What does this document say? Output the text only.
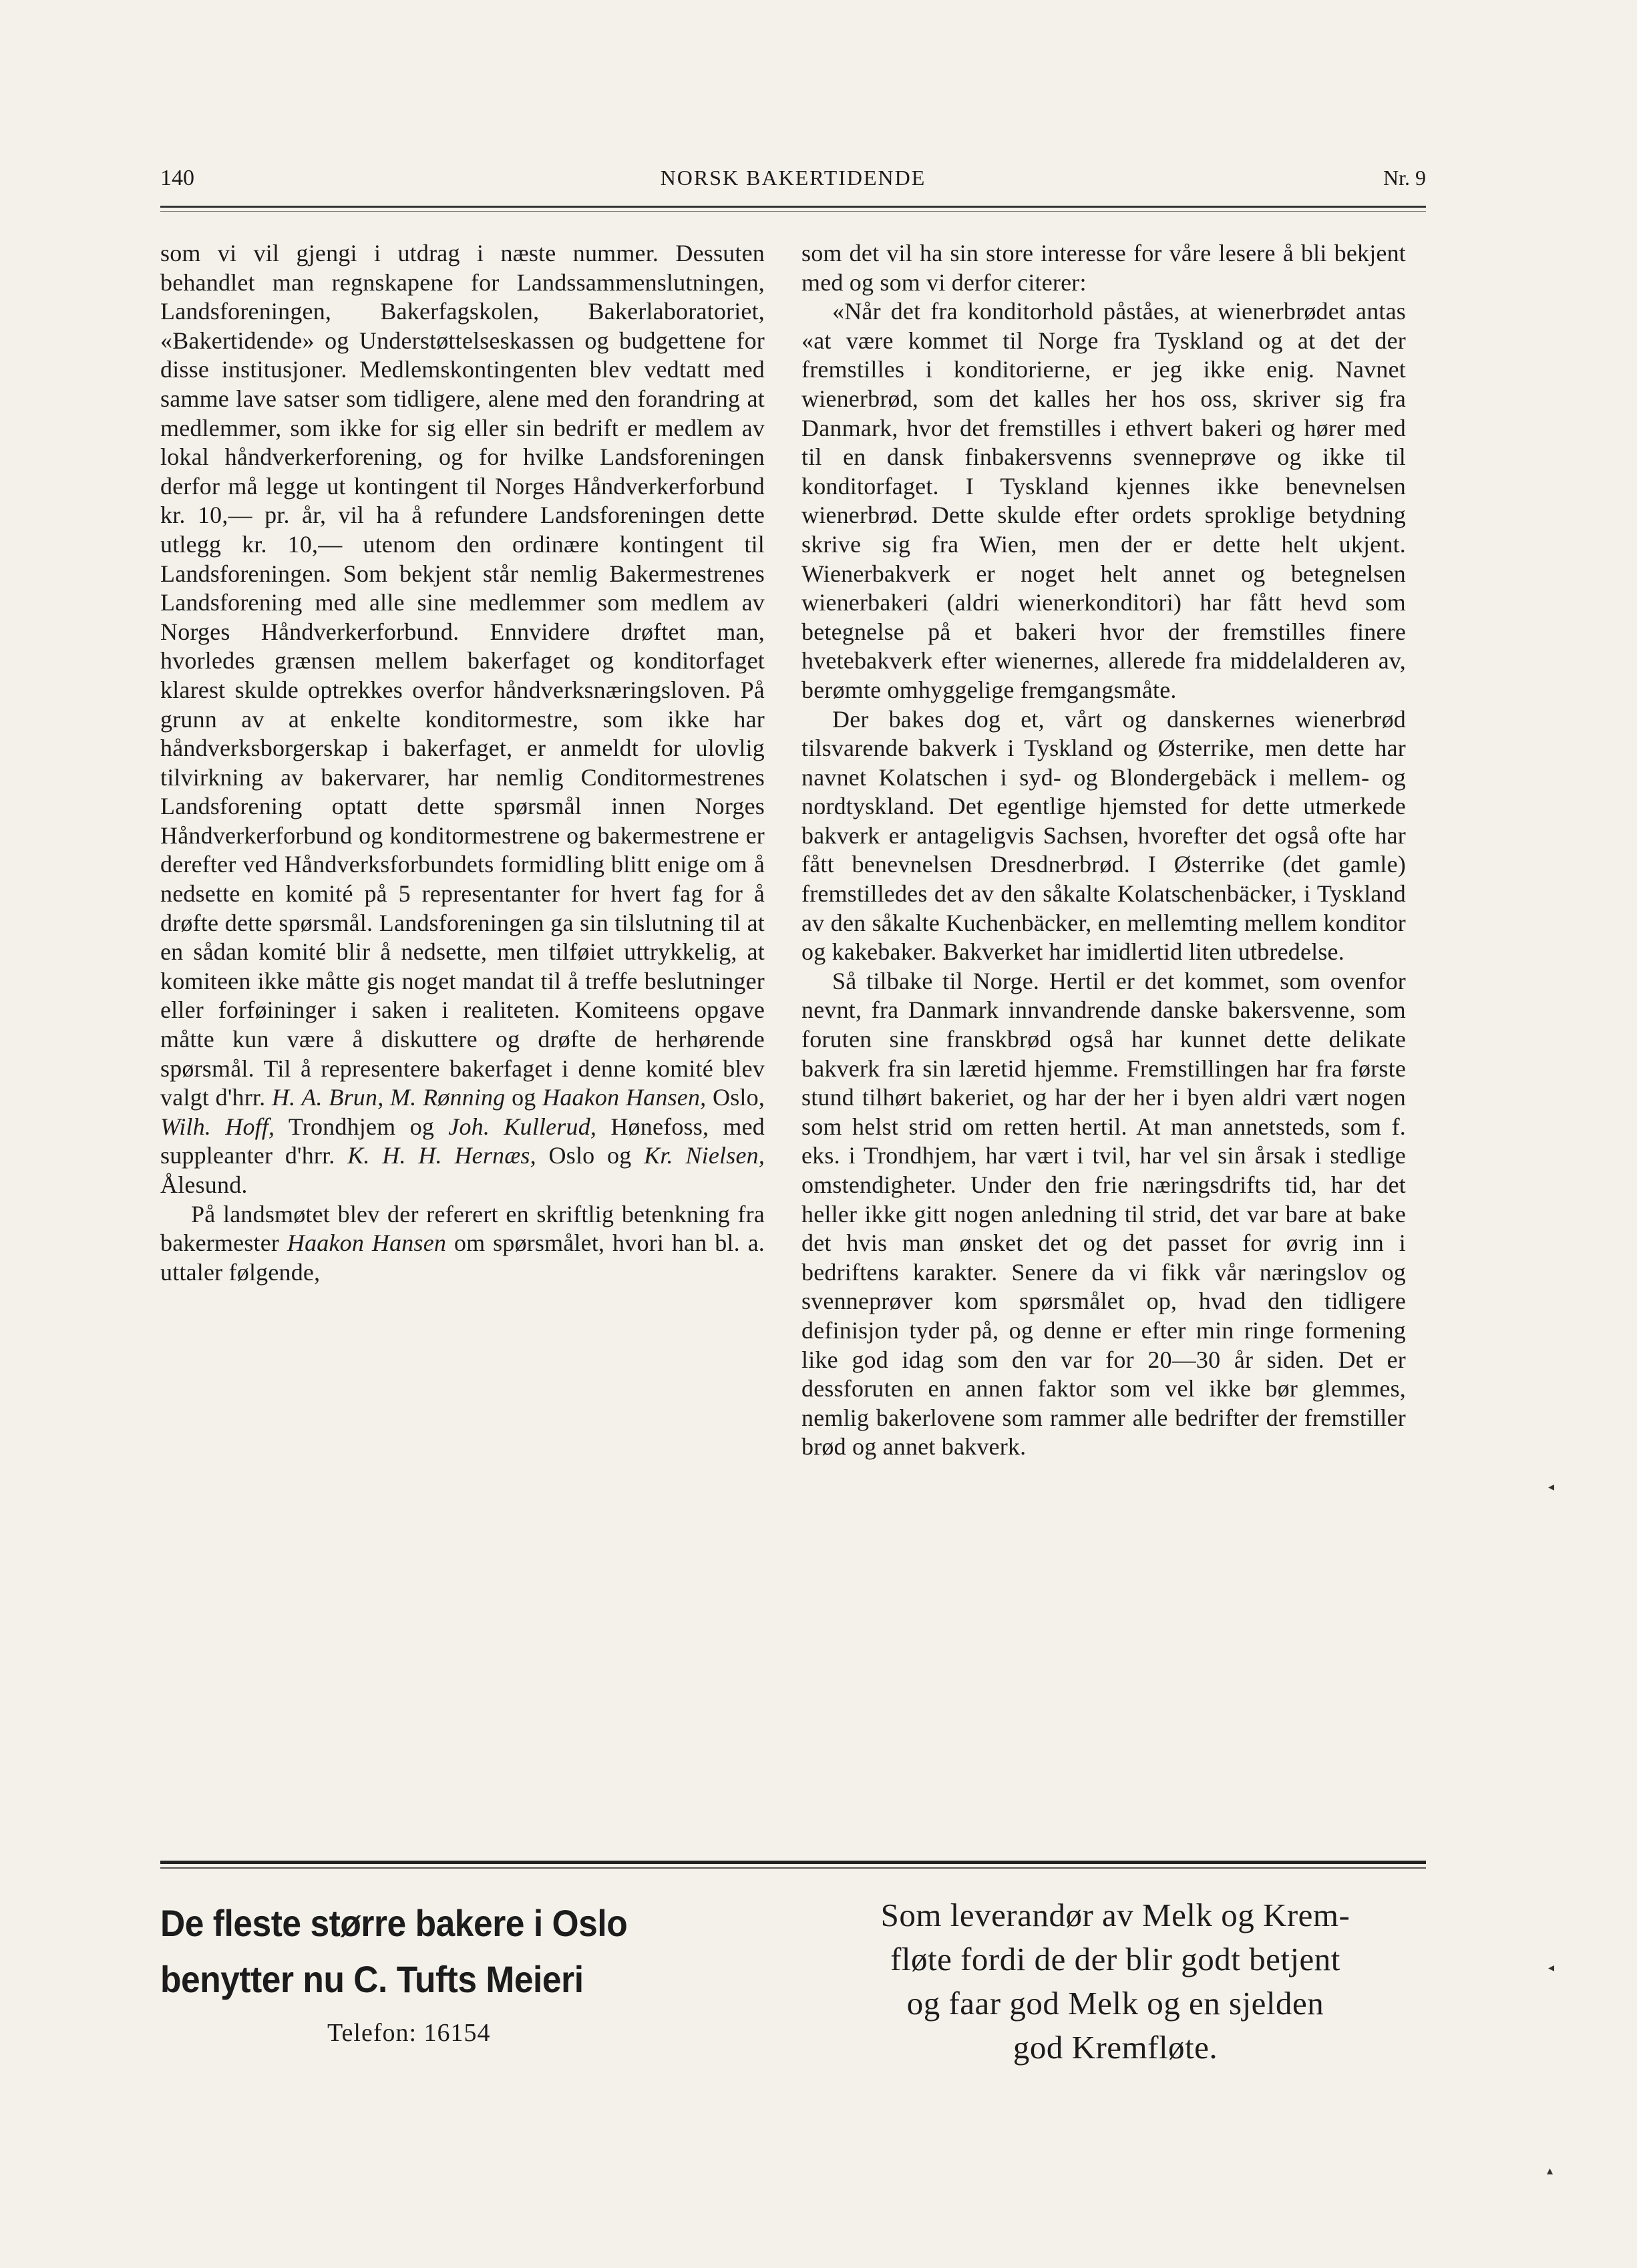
140	NORSK BAKERTIDENDE	Nr. 9

som vi vil gjengi i utdrag i næste nummer. Dessuten behandlet man regnskapene for Landssammenslutningen, Landsforeningen, Bakerfagskolen, Bakerlaboratoriet, «Bakertidende» og Understøttelseskassen og budgettene for disse institusjoner. Medlemskontingenten blev vedtatt med samme lave satser som tidligere, alene med den forandring at medlemmer, som ikke for sig eller sin bedrift er medlem av lokal håndverkerforening, og for hvilke Landsforeningen derfor må legge ut kontingent til Norges Håndverkerforbund kr. 10,— pr. år, vil ha å refundere Landsforeningen dette utlegg kr. 10,— utenom den ordinære kontingent til Landsforeningen. Som bekjent står nemlig Bakermestrenes Landsforening med alle sine medlemmer som medlem av Norges Håndverkerforbund. Ennvidere drøftet man, hvorledes grænsen mellem bakerfaget og konditorfaget klarest skulde optrekkes overfor håndverksnæringsloven. På grunn av at enkelte konditormestre, som ikke har håndverksborgerskap i bakerfaget, er anmeldt for ulovlig tilvirkning av bakervarer, har nemlig Conditormestrenes Landsforening optatt dette spørsmål innen Norges Håndverkerforbund og konditormestrene og bakermestrene er derefter ved Håndverksforbundets formidling blitt enige om å nedsette en komité på 5 representanter for hvert fag for å drøfte dette spørsmål. Landsforeningen ga sin tilslutning til at en sådan komité blir å nedsette, men tilføiet uttrykkelig, at komiteen ikke måtte gis noget mandat til å treffe beslutninger eller forføininger i saken i realiteten. Komiteens opgave måtte kun være å diskuttere og drøfte de herhørende spørsmål. Til å representere bakerfaget i denne komité blev valgt d'hrr. H. A. Brun, M. Rønning og Haakon Hansen, Oslo, Wilh. Hoff, Trondhjem og Joh. Kullerud, Hønefoss, med suppleanter d'hrr. K. H. H. Hernæs, Oslo og Kr. Nielsen, Ålesund.

På landsmøtet blev der referert en skriftlig betenkning fra bakermester Haakon Hansen om spørsmålet, hvori han bl. a. uttaler følgende,

som det vil ha sin store interesse for våre lesere å bli bekjent med og som vi derfor citerer:

«Når det fra konditorhold påståes, at wienerbrødet antas «at være kommet til Norge fra Tyskland og at det der fremstilles i konditorierne, er jeg ikke enig. Navnet wienerbrød, som det kalles her hos oss, skriver sig fra Danmark, hvor det fremstilles i ethvert bakeri og hører med til en dansk finbakersvenns svenneprøve og ikke til konditorfaget. I Tyskland kjennes ikke benevnelsen wienerbrød. Dette skulde efter ordets sproklige betydning skrive sig fra Wien, men der er dette helt ukjent. Wienerbakverk er noget helt annet og betegnelsen wienerbakeri (aldri wienerkonditori) har fått hevd som betegnelse på et bakeri hvor der fremstilles finere hvetebakverk efter wienernes, allerede fra middelalderen av, berømte omhyggelige fremgangsmåte.

Der bakes dog et, vårt og danskernes wienerbrød tilsvarende bakverk i Tyskland og Østerrike, men dette har navnet Kolatschen i syd- og Blondergebäck i mellem- og nordtyskland. Det egentlige hjemsted for dette utmerkede bakverk er antageligvis Sachsen, hvorefter det også ofte har fått benevnelsen Dresdnerbrød. I Østerrike (det gamle) fremstilledes det av den såkalte Kolatschenbäcker, i Tyskland av den såkalte Kuchenbäcker, en mellemting mellem konditor og kakebaker. Bakverket har imidlertid liten utbredelse.

Så tilbake til Norge. Hertil er det kommet, som ovenfor nevnt, fra Danmark innvandrende danske bakersvenne, som foruten sine franskbrød også har kunnet dette delikate bakverk fra sin læretid hjemme. Fremstillingen har fra første stund tilhørt bakeriet, og har der her i byen aldri vært nogen som helst strid om retten hertil. At man annetsteds, som f. eks. i Trondhjem, har vært i tvil, har vel sin årsak i stedlige omstendigheter. Under den frie næringsdrifts tid, har det heller ikke gitt nogen anledning til strid, det var bare at bake det hvis man ønsket det og det passet for øvrig inn i bedriftens karakter. Senere da vi fikk vår næringslov og svenneprøver kom spørsmålet op, hvad den tidligere definisjon tyder på, og denne er efter min ringe formening like god idag som den var for 20—30 år siden. Det er dessforuten en annen faktor som vel ikke bør glemmes, nemlig bakerlovene som rammer alle bedrifter der fremstiller brød og annet bakverk.

De fleste større bakere i Oslo

benytter nu C. Tufts Meieri

Telefon: 16154
Som leverandør av Melk og Krem-
fløte fordi de der blir godt betjent
og faar god Melk og en sjelden
god Kremfløte.
◂
◂
▴
